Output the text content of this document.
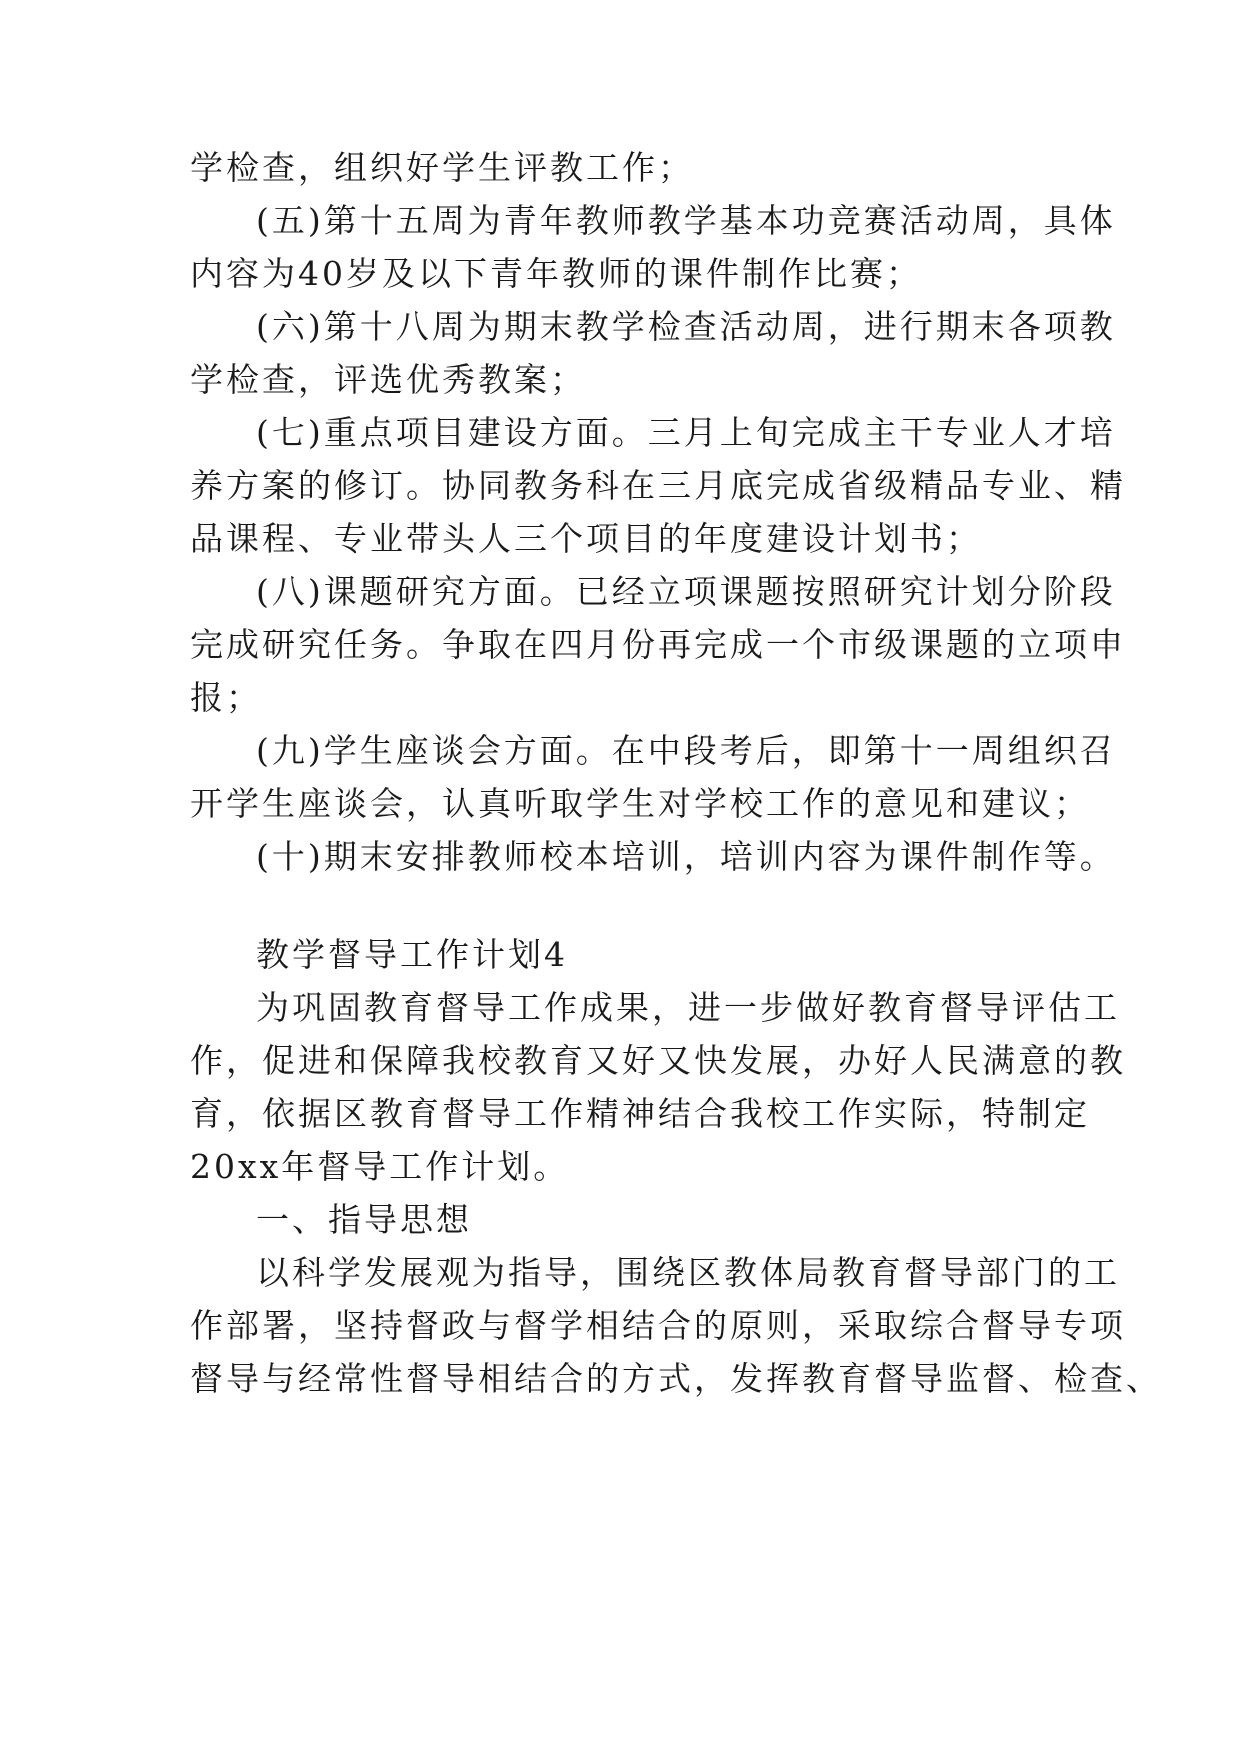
学检查，组织好学生评教工作；
(五)第十五周为青年教师教学基本功竞赛活动周，具体
内容为40岁及以下青年教师的课件制作比赛；
(六)第十八周为期末教学检查活动周，进行期末各项教
学检查，评选优秀教案；
(七)重点项目建设方面。三月上旬完成主干专业人才培
养方案的修订。协同教务科在三月底完成省级精品专业、精
品课程、专业带头人三个项目的年度建设计划书；
(八)课题研究方面。已经立项课题按照研究计划分阶段
完成研究任务。争取在四月份再完成一个市级课题的立项申
报；
(九)学生座谈会方面。在中段考后，即第十一周组织召
开学生座谈会，认真听取学生对学校工作的意见和建议；
(十)期末安排教师校本培训，培训内容为课件制作等。
教学督导工作计划4
为巩固教育督导工作成果，进一步做好教育督导评估工
作，促进和保障我校教育又好又快发展，办好人民满意的教
育，依据区教育督导工作精神结合我校工作实际，特制定
20xx年督导工作计划。
一、指导思想
以科学发展观为指导，围绕区教体局教育督导部门的工
作部署，坚持督政与督学相结合的原则，采取综合督导专项
督导与经常性督导相结合的方式，发挥教育督导监督、检查、
